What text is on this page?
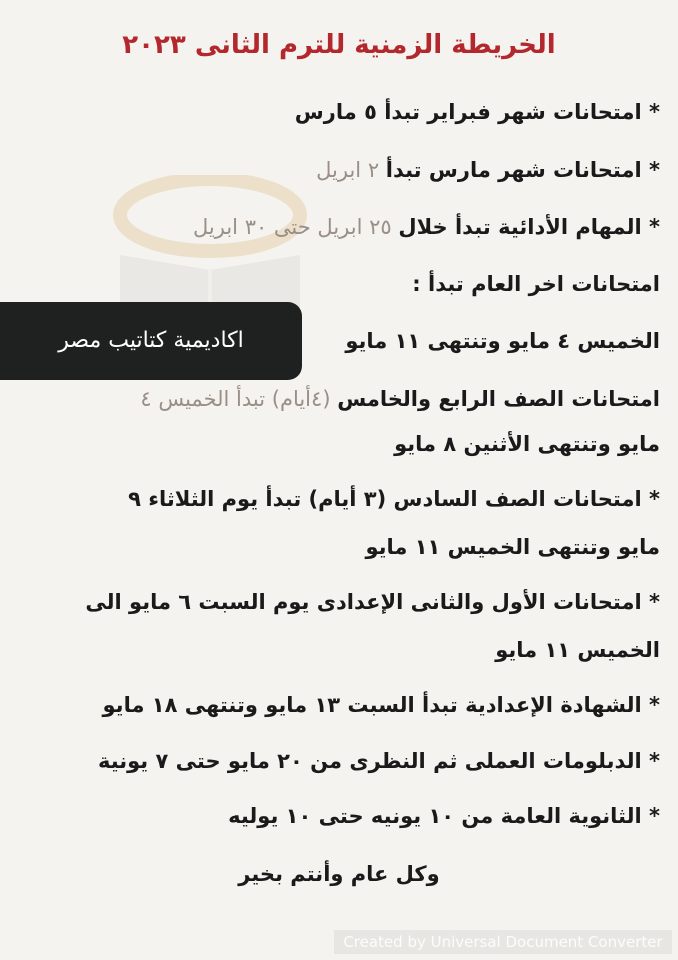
الخريطة الزمنية للترم الثانى ٢٠٢٣
* امتحانات شهر فبراير تبدأ ٥ مارس
* امتحانات شهر مارس تبدأ ٢ ابريل
* المهام الأدائية تبدأ خلال ٢٥ ابريل حتى ٣٠ ابريل
امتحانات اخر العام تبدأ :
الخميس ٤ مايو وتنتهى ١١ مايو
امتحانات الصف الرابع والخامس (٤أيام) تبدأ الخميس ٤
مايو وتنتهى الأثنين ٨ مايو
* امتحانات الصف السادس (٣ أيام) تبدأ يوم الثلاثاء ٩
مايو وتنتهى الخميس ١١ مايو
* امتحانات الأول والثانى الإعدادى يوم السبت ٦ مايو الى
الخميس ١١ مايو
* الشهادة الإعدادية تبدأ السبت ١٣ مايو وتنتهى ١٨ مايو
* الدبلومات العملى ثم النظرى من ٢٠ مايو حتى ٧ يونية
* الثانوية العامة من ١٠ يونيه حتى ١٠ يوليه
وكل عام وأنتم بخير
اكاديمية كتاتيب مصر
Created by Universal Document Converter
